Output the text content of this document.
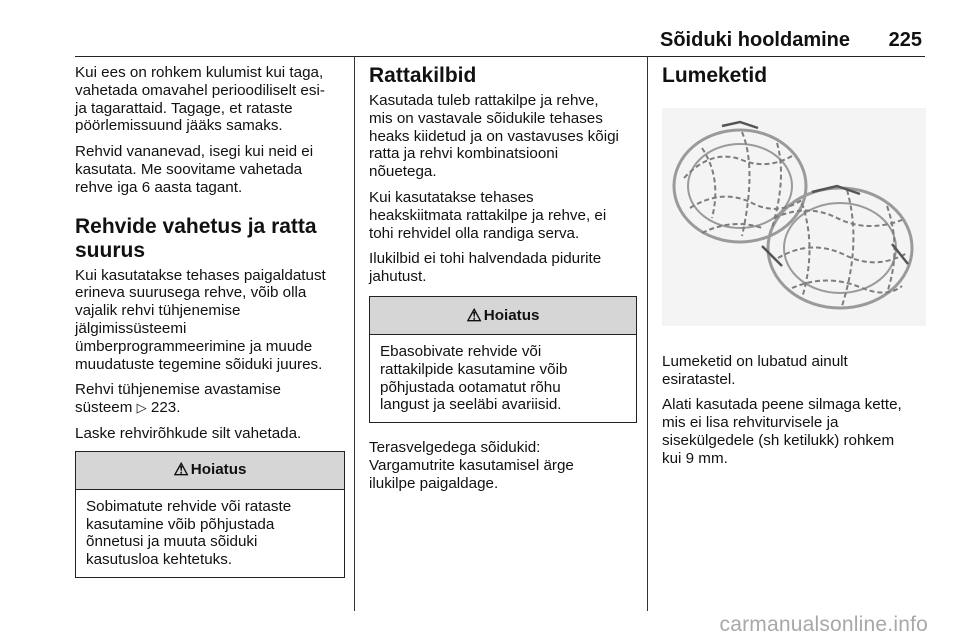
Sõiduki hooldamine 225

Kui ees on rohkem kulumist kui taga,
vahetada omavahel perioodiliselt esi-
ja tagarattaid. Tagage, et rataste
pöörlemissuund jääks samaks.

Rehvid vananevad, isegi kui neid ei
kasutata. Me soovitame vahetada
rehve iga 6 aasta tagant.

Rehvide vahetus ja ratta
suurus

Kui kasutatakse tehases paigaldatust
erineva suurusega rehve, võib olla
vajalik rehvi tühjenemise
jälgimissüsteemi
ümberprogrammeerimine ja muude
muudatuste tegemine sõiduki juures.

Rehvi tühjenemise avastamise
süsteem ▷ 223.

Laske rehvirõhkude silt vahetada.

⚠ Hoiatus
Sobimatute rehvide või rataste
kasutamine võib põhjustada
õnnetusi ja muuta sõiduki
kasutusloa kehtetuks.
Rattakilbid

Kasutada tuleb rattakilpe ja rehve,
mis on vastavale sõidukile tehases
heaks kiidetud ja on vastavuses kõigi
ratta ja rehvi kombinatsiooni
nõuetega.

Kui kasutatakse tehases
heakskiitmata rattakilpe ja rehve, ei
tohi rehvidel olla randiga serva.

Ilukilbid ei tohi halvendada pidurite
jahutust.

⚠ Hoiatus
Ebasobivate rehvide või
rattakilpide kasutamine võib
põhjustada ootamatut rõhu
langust ja seeläbi avariisid.

Terasvelgedega sõidukid:
Vargamutrite kasutamisel ärge
ilukilpe paigaldage.

Lumeketid

Lumeketid on lubatud ainult
esiratastel.

Alati kasutada peene silmaga kette,
mis ei lisa rehviturvisele ja
sisekülgedele (sh ketilukk) rohkem
kui 9 mm.

carmanualsonline.info
